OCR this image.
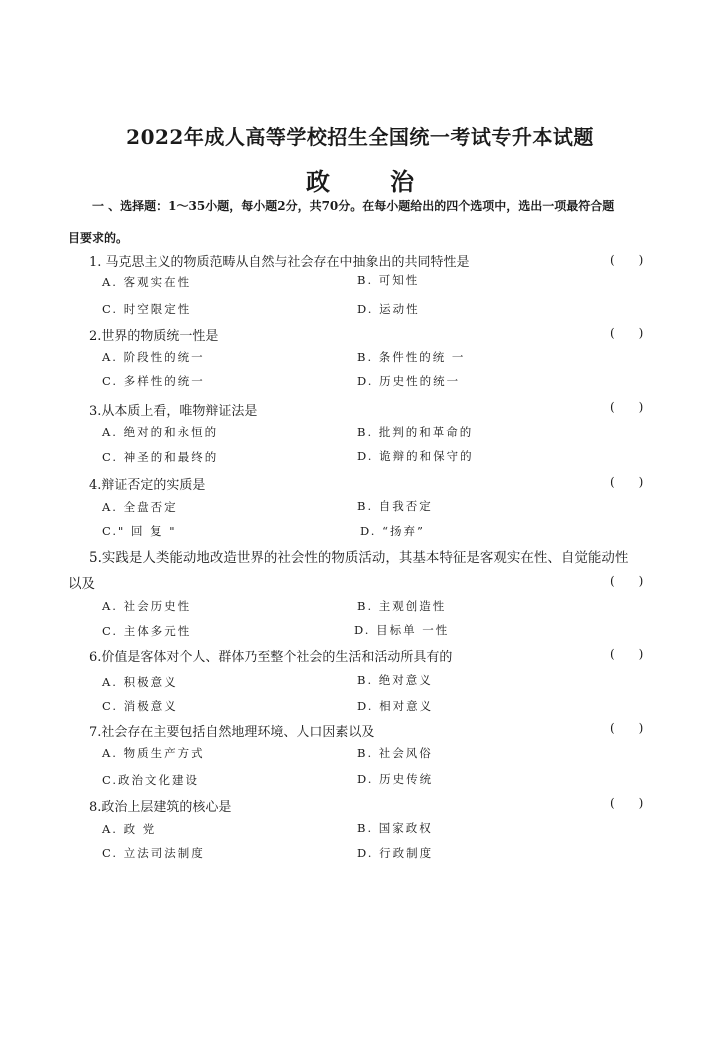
2022年成人高等学校招生全国统一考试专升本试题
政　治
一 、选择题：1～35小题，每小题2分，共70分。在每小题给出的四个选项中，选出一项最符合题
目要求的。
1. 马克思主义的物质范畴从自然与社会存在中抽象出的共同特性是	(　　)
A. 客观实在性	B. 可知性
C. 时空限定性	D. 运动性
2.世界的物质统一性是	(　　)
A. 阶段性的统一	B. 条件性的统 一
C. 多样性的统一	D. 历史性的统一
3.从本质上看，唯物辩证法是	(　　)
A. 绝对的和永恒的	B. 批判的和革命的
C. 神圣的和最终的	D. 诡辩的和保守的
4.辩证否定的实质是	(　　)
A. 全盘否定	B. 自我否定
C." 回 复 "	D. “扬弃”
5.实践是人类能动地改造世界的社会性的物质活动，其基本特征是客观实在性、自觉能动性
以及	(　　)
A. 社会历史性	B. 主观创造性
C. 主体多元性	D. 目标单 一性
6.价值是客体对个人、群体乃至整个社会的生活和活动所具有的	(　　)
A. 积极意义	B. 绝对意义
C. 消极意义	D. 相对意义
7.社会存在主要包括自然地理环境、人口因素以及	(　　)
A. 物质生产方式	B. 社会风俗
C.政治文化建设	D. 历史传统
8.政治上层建筑的核心是	(　　)
A. 政 党	B. 国家政权
C. 立法司法制度	D. 行政制度
